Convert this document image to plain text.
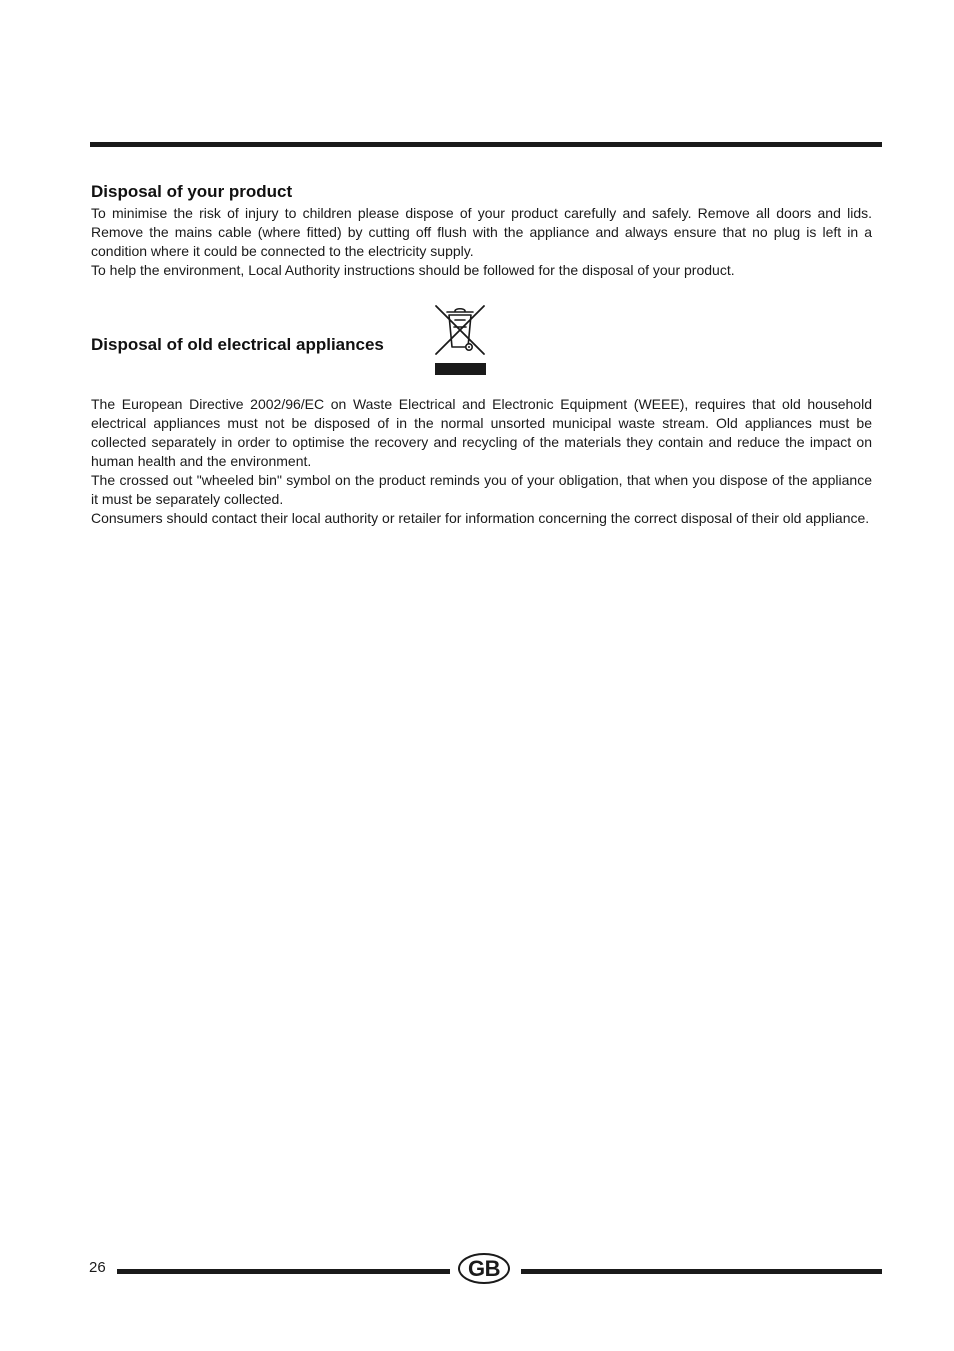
Disposal of your product

To minimise the risk of injury to children please dispose of your product carefully and safely. Remove all doors and lids. Remove the mains cable (where fitted) by cutting off flush with the appliance and always ensure that no plug is left in a condition where it could be connected to the electricity supply.

To help the environment, Local Authority instructions should be followed for the disposal of your product.

Disposal of old electrical appliances

The European Directive 2002/96/EC on Waste Electrical and Electronic Equipment (WEEE), requires that old household electrical appliances must not be disposed of in the normal unsorted municipal waste stream. Old appliances must be collected separately in order to optimise the recovery and recycling of the materials they contain and reduce the impact on human health and the environment.

The crossed out "wheeled bin" symbol on the product reminds you of your obligation, that when you dispose of the appliance it must be separately collected.

Consumers should contact their local authority or retailer for information concerning the correct disposal of their old appliance.

26	GB
